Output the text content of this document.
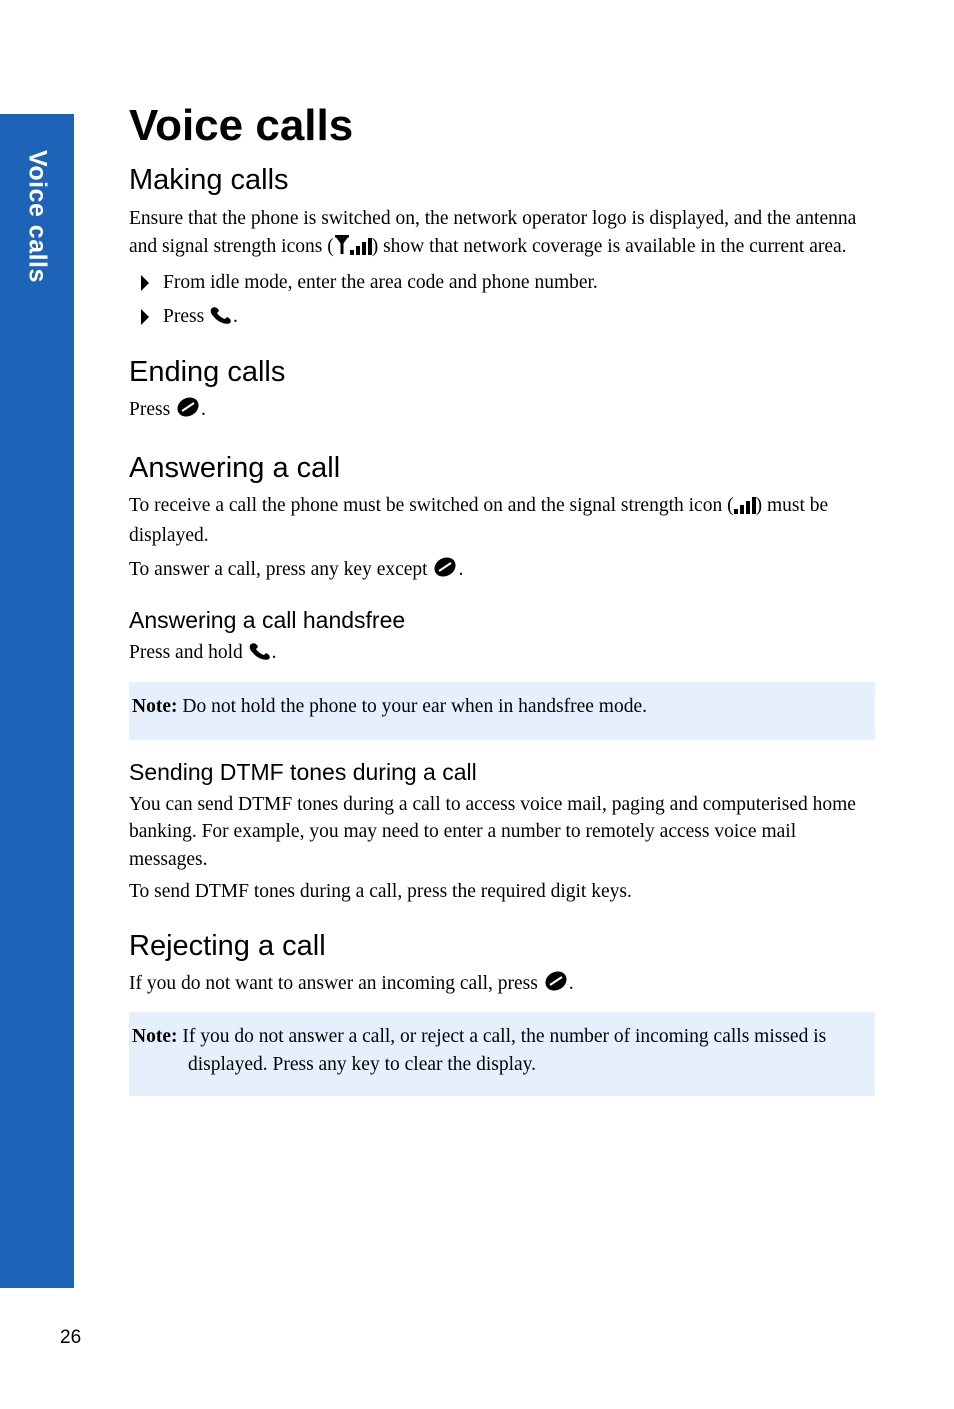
Voice calls
26
Voice calls
Making calls

Ensure that the phone is switched on, the network operator logo is displayed, and the antenna and signal strength icons ( ) show that network coverage is available in the current area.

From idle mode, enter the area code and phone number.
Press .
Ending calls

Press .

Answering a call

To receive a call the phone must be switched on and the signal strength icon ( ) must be displayed.

To answer a call, press any key except .

Answering a call handsfree

Press and hold .

Note: Do not hold the phone to your ear when in handsfree mode.
Sending DTMF tones during a call

You can send DTMF tones during a call to access voice mail, paging and computerised home banking. For example, you may need to enter a number to remotely access voice mail messages.

To send DTMF tones during a call, press the required digit keys.

Rejecting a call

If you do not want to answer an incoming call, press .

Note: If you do not answer a call, or reject a call, the number of incoming calls missed is displayed. Press any key to clear the display.
